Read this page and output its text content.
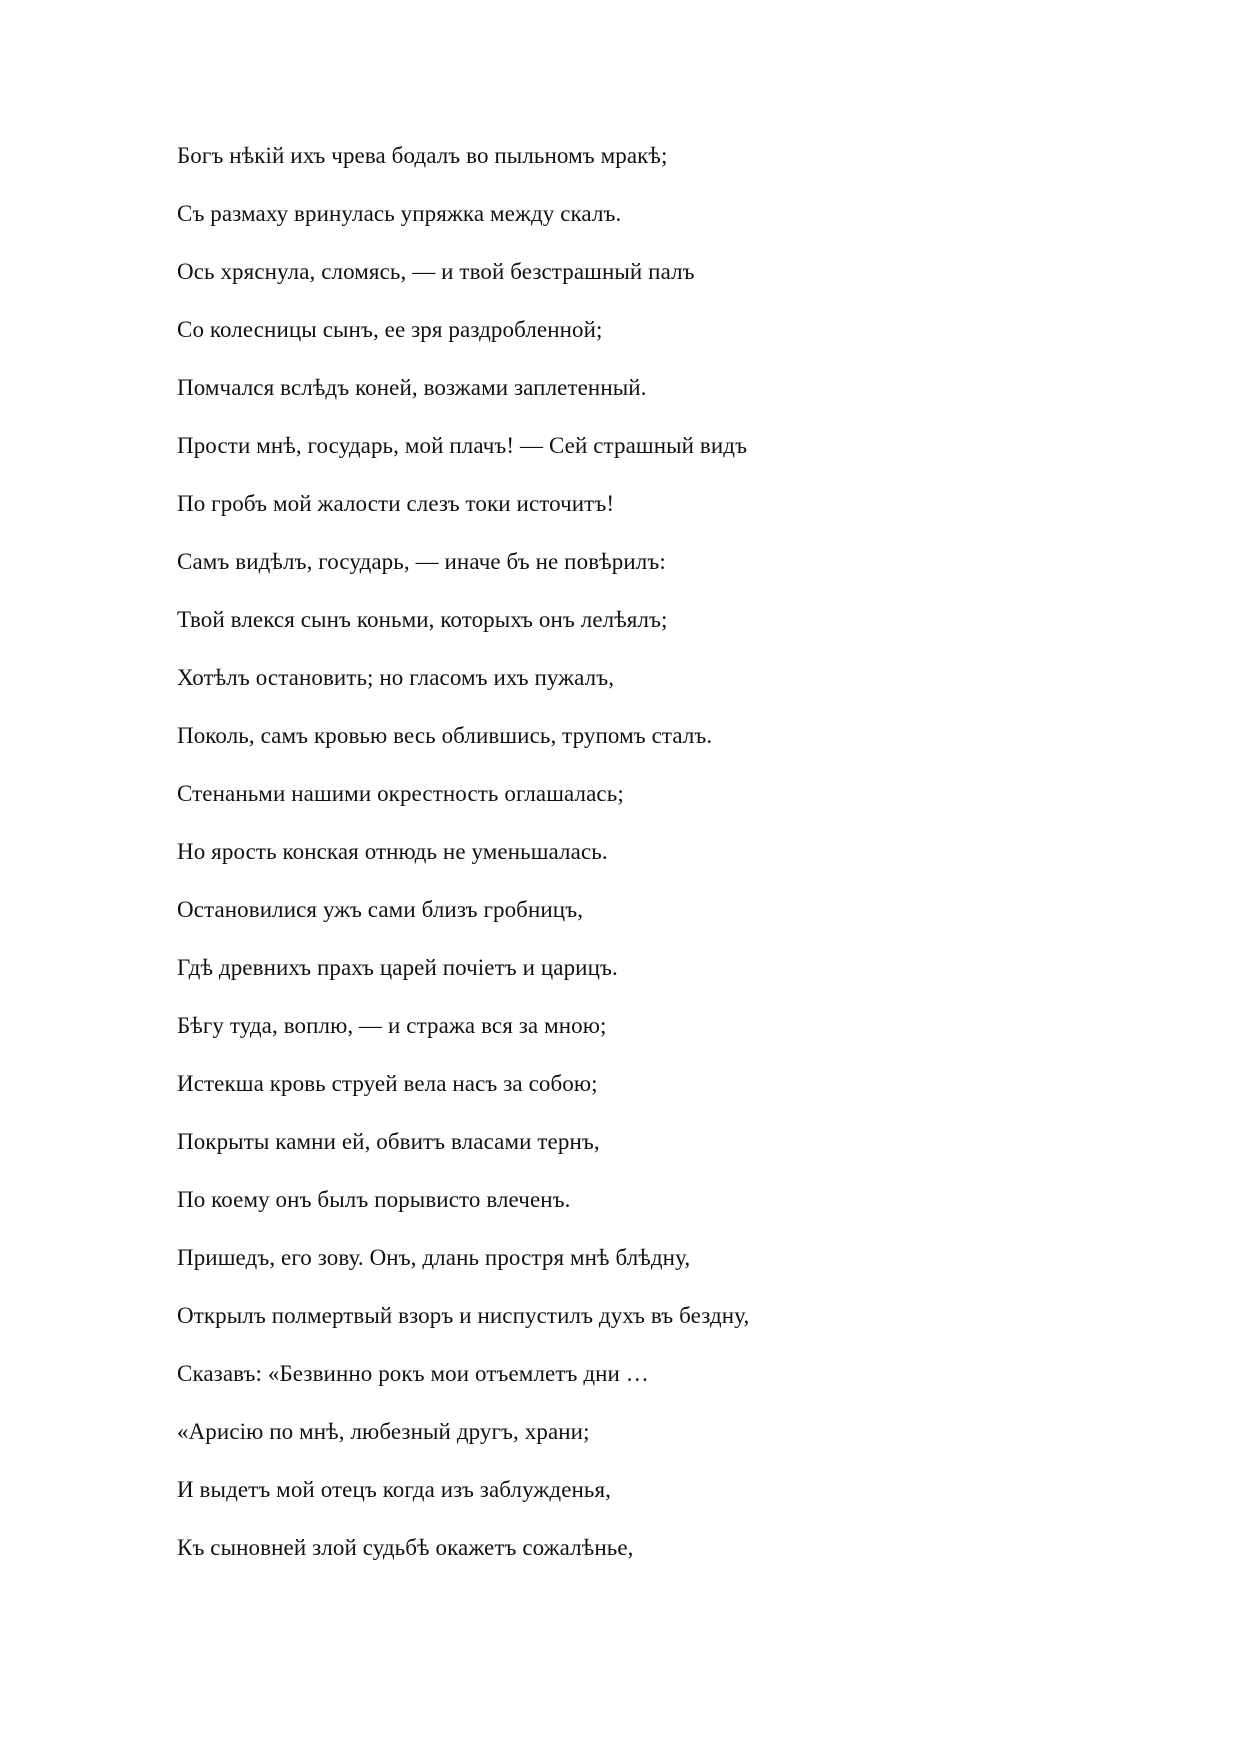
Богъ нѣкій ихъ чрева бодалъ во пыльномъ мракѣ;
Съ размаху вринулась упряжка между скалъ.
Ось хряснула, сломясь, — и твой безстрашный палъ
Со колесницы сынъ, ее зря раздробленной;
Помчался вслѣдъ коней, возжами заплетенный.
Прости мнѣ, государь, мой плачъ! — Сей страшный видъ
По гробъ мой жалости слезъ токи источитъ!
Самъ видѣлъ, государь, — иначе бъ не повѣрилъ:
Твой влекся сынъ коньми, которыхъ онъ лелѣялъ;
Хотѣлъ остановить; но гласомъ ихъ пужалъ,
Поколь, самъ кровью весь облившись, трупомъ сталъ.
Стенаньми нашими окрестность оглашалась;
Но ярость конская отнюдь не уменьшалась.
Остановилися ужъ сами близъ гробницъ,
Гдѣ древнихъ прахъ царей почіетъ и царицъ.
Бѣгу туда, воплю, — и стража вся за мною;
Истекша кровь струей вела насъ за собою;
Покрыты камни ей, обвитъ власами тернъ,
По коему онъ былъ порывисто влеченъ.
Пришедъ, его зову. Онъ, длань простря мнѣ блѣдну,
Открылъ полмертвый взоръ и ниспустилъ духъ въ бездну,
Сказавъ: «Безвинно рокъ мои отъемлетъ дни …
«Арисію по мнѣ, любезный другъ, храни;
И выдетъ мой отецъ когда изъ заблужденья,
Къ сыновней злой судьбѣ окажетъ сожалѣнье,
